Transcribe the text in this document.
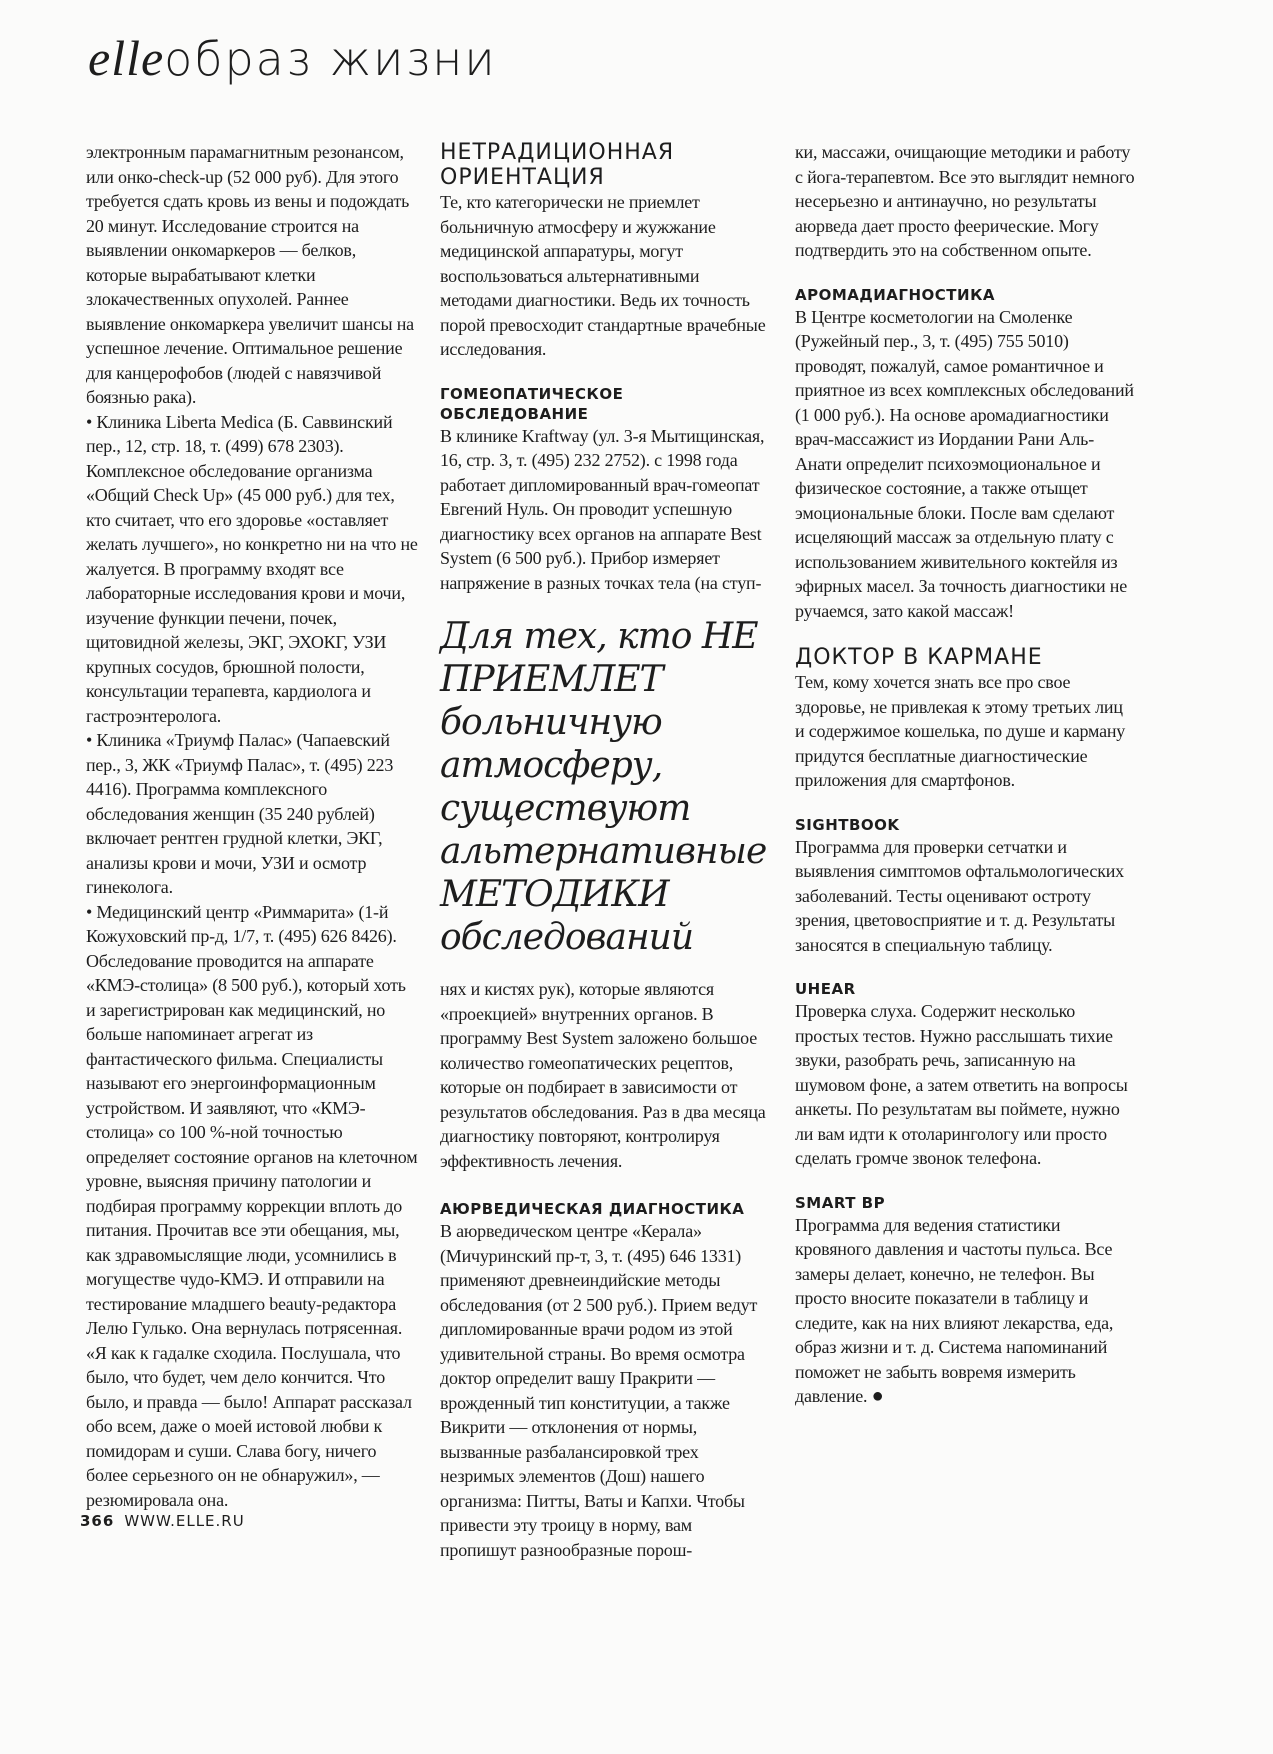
elleобраз жизни

электронным парамагнитным резонансом, или онко-check-up (52 000 руб). Для этого требуется сдать кровь из вены и подождать 20 минут. Исследование строится на выявлении онкомаркеров — белков, которые вырабатывают клетки злокачественных опухолей. Раннее выявление онкомаркера увеличит шансы на успешное лечение. Оптимальное решение для канцерофобов (людей с навязчивой боязнью рака).

• Клиника Liberta Medica (Б. Саввинский пер., 12, стр. 18, т. (499) 678 2303). Комплексное обследование организма «Общий Check Up» (45 000 руб.) для тех, кто считает, что его здоровье «оставляет желать лучшего», но конкретно ни на что не жалуется. В программу входят все лабораторные исследования крови и мочи, изучение функции печени, почек, щитовидной железы, ЭКГ, ЭХОКГ, УЗИ крупных сосудов, брюшной полости, консультации терапевта, кардиолога и гастроэнтеролога.

• Клиника «Триумф Палас» (Чапаевский пер., 3, ЖК «Триумф Палас», т. (495) 223 4416). Программа комплексного обследования женщин (35 240 рублей) включает рентген грудной клетки, ЭКГ, анализы крови и мочи, УЗИ и осмотр гинеколога.

• Медицинский центр «Риммарита» (1-й Кожуховский пр-д, 1/7, т. (495) 626 8426). Обследование проводится на аппарате «КМЭ-столица» (8 500 руб.), который хоть и зарегистрирован как медицинский, но больше напоминает агрегат из фантастического фильма. Специалисты называют его энергоинформационным устройством. И заявляют, что «КМЭ-столица» со 100 %-ной точностью определяет состояние органов на клеточном уровне, выясняя причину патологии и подбирая программу коррекции вплоть до питания. Прочитав все эти обещания, мы, как здравомыслящие люди, усомнились в могуществе чудо-КМЭ. И отправили на тестирование младшего beauty-редактора Лелю Гулько. Она вернулась потрясенная. «Я как к гадалке сходила. Послушала, что было, что будет, чем дело кончится. Что было, и правда — было! Аппарат рассказал обо всем, даже о моей истовой любви к помидорам и суши. Слава богу, ничего более серьезного он не обнаружил», — резюмировала она.

НЕТРАДИЦИОННАЯ ОРИЕНТАЦИЯ

Те, кто категорически не приемлет больничную атмосферу и жужжание медицинской аппаратуры, могут воспользоваться альтернативными методами диагностики. Ведь их точность порой превосходит стандартные врачебные исследования.

ГОМЕОПАТИЧЕСКОЕ ОБСЛЕДОВАНИЕ

В клинике Kraftway (ул. 3-я Мытищинская, 16, стр. 3, т. (495) 232 2752). с 1998 года работает дипломированный врач-гомеопат Евгений Нуль. Он проводит успешную диагностику всех органов на аппарате Best System (6 500 руб.). Прибор измеряет напряжение в разных точках тела (на ступ-

Для тех, кто НЕ ПРИЕМЛЕТ больничную атмосферу, существуют альтернативные МЕТОДИКИ обследований

нях и кистях рук), которые являются «проекцией» внутренних органов. В программу Best System заложено большое количество гомеопатических рецептов, которые он подбирает в зависимости от результатов обследования. Раз в два месяца диагностику повторяют, контролируя эффективность лечения.

АЮРВЕДИЧЕСКАЯ ДИАГНОСТИКА

В аюрведическом центре «Керала» (Мичуринский пр-т, 3, т. (495) 646 1331) применяют древнеиндийские методы обследования (от 2 500 руб.). Прием ведут дипломированные врачи родом из этой удивительной страны. Во время осмотра доктор определит вашу Пракрити — врожденный тип конституции, а также Викрити — отклонения от нормы, вызванные разбалансировкой трех незримых элементов (Дош) нашего организма: Питты, Ваты и Капхи. Чтобы привести эту троицу в норму, вам пропишут разнообразные порош-

ки, массажи, очищающие методики и работу с йога-терапевтом. Все это выглядит немного несерьезно и антинаучно, но результаты аюрведа дает просто феерические. Могу подтвердить это на собственном опыте.

АРОМАДИАГНОСТИКА

В Центре косметологии на Смоленке (Ружейный пер., 3, т. (495) 755 5010) проводят, пожалуй, самое романтичное и приятное из всех комплексных обследований (1 000 руб.). На основе аромадиагностики врач-массажист из Иордании Рани Аль-Анати определит психоэмоциональное и физическое состояние, а также отыщет эмоциональные блоки. После вам сделают исцеляющий массаж за отдельную плату с использованием живительного коктейля из эфирных масел. За точность диагностики не ручаемся, зато какой массаж!

ДОКТОР В КАРМАНЕ

Тем, кому хочется знать все про свое здоровье, не привлекая к этому третьих лиц и содержимое кошелька, по душе и карману придутся бесплатные диагностические приложения для смартфонов.

SIGHTBOOK

Программа для проверки сетчатки и выявления симптомов офтальмологических заболеваний. Тесты оценивают остроту зрения, цветовосприятие и т. д. Результаты заносятся в специальную таблицу.

UHEAR

Проверка слуха. Содержит несколько простых тестов. Нужно расслышать тихие звуки, разобрать речь, записанную на шумовом фоне, а затем ответить на вопросы анкеты. По результатам вы поймете, нужно ли вам идти к отоларингологу или просто сделать громче звонок телефона.

SMART BP

Программа для ведения статистики кровяного давления и частоты пульса. Все замеры делает, конечно, не телефон. Вы просто вносите показатели в таблицу и следите, как на них влияют лекарства, еда, образ жизни и т. д. Система напоминаний поможет не забыть вовремя измерить давление. ●

366 WWW.ELLE.RU
